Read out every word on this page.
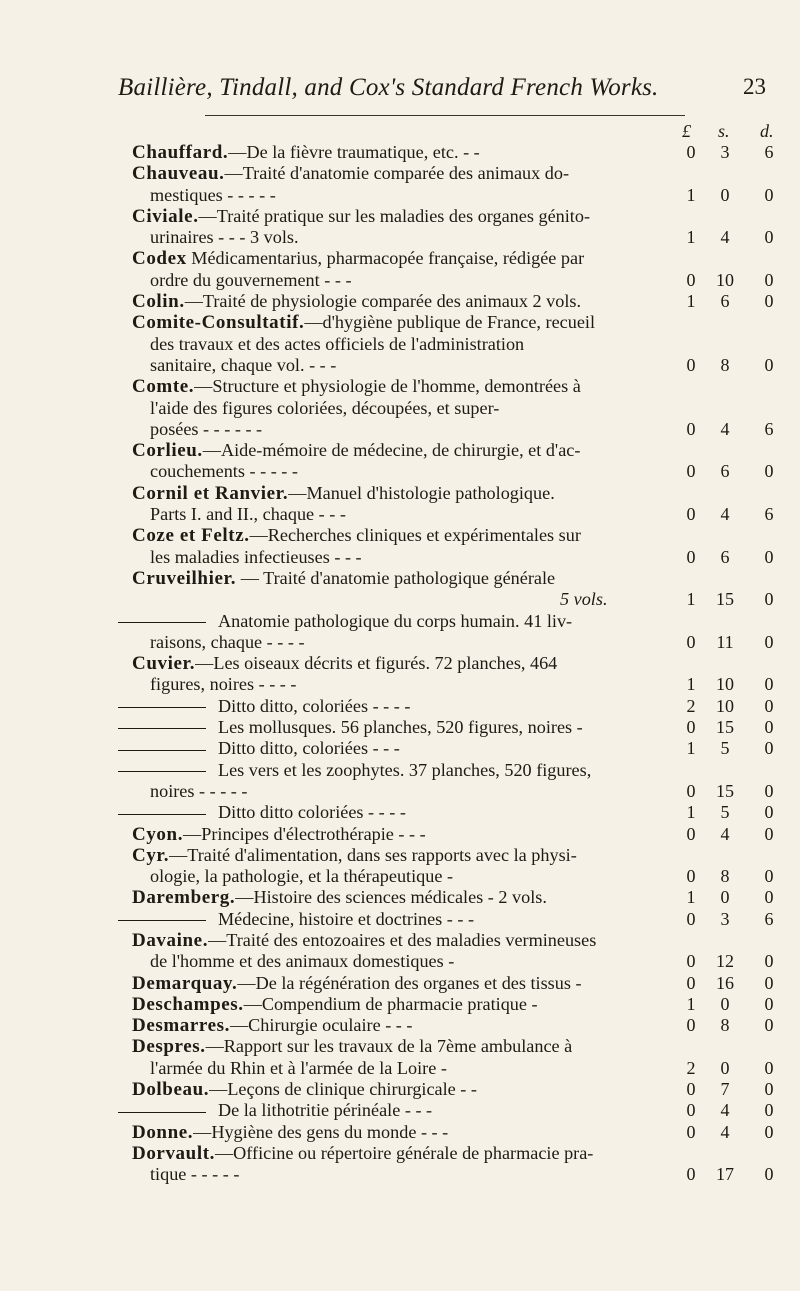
Baillière, Tindall, and Cox's Standard French Works.	23
£ s. d.
Chauffard.—De la fièvre traumatique, etc. - -	0	3	6
Chauveau.—Traité d'anatomie comparée des animaux do-
mestiques - - - - -	1	0	0
Civiale.—Traité pratique sur les maladies des organes génito-
urinaires - - - 3 vols.	1	4	0
Codex Médicamentarius, pharmacopée française, rédigée par
ordre du gouvernement - - -	0	10	0
Colin.—Traité de physiologie comparée des animaux 2 vols.	1	6	0
Comite-Consultatif.—d'hygiène publique de France, recueil
des travaux et des actes officiels de l'administration
sanitaire, chaque vol. - - -	0	8	0
Comte.—Structure et physiologie de l'homme, demontrées à
l'aide des figures coloriées, découpées, et super-
posées - - - - - -	0	4	6
Corlieu.—Aide-mémoire de médecine, de chirurgie, et d'ac-
couchements - - - - -	0	6	0
Cornil et Ranvier.—Manuel d'histologie pathologique.
Parts I. and II., chaque - - -	0	4	6
Coze et Feltz.—Recherches cliniques et expérimentales sur
les maladies infectieuses - - -	0	6	0
Cruveilhier. — Traité d'anatomie pathologique générale
5 vols.	1	15	0
Anatomie pathologique du corps humain. 41 liv-
raisons, chaque - - - -	0	11	0
Cuvier.—Les oiseaux décrits et figurés. 72 planches, 464
figures, noires - - - -	1	10	0
Ditto ditto, coloriées - - - -	2	10	0
Les mollusques. 56 planches, 520 figures, noires -	0	15	0
Ditto ditto, coloriées - - -	1	5	0
Les vers et les zoophytes. 37 planches, 520 figures,
noires - - - - -	0	15	0
Ditto ditto coloriées - - - -	1	5	0
Cyon.—Principes d'électrothérapie - - -	0	4	0
Cyr.—Traité d'alimentation, dans ses rapports avec la physi-
ologie, la pathologie, et la thérapeutique -	0	8	0
Daremberg.—Histoire des sciences médicales - 2 vols.	1	0	0
Médecine, histoire et doctrines - - -	0	3	6
Davaine.—Traité des entozoaires et des maladies vermineuses
de l'homme et des animaux domestiques -	0	12	0
Demarquay.—De la régénération des organes et des tissus -	0	16	0
Deschampes.—Compendium de pharmacie pratique -	1	0	0
Desmarres.—Chirurgie oculaire - - -	0	8	0
Despres.—Rapport sur les travaux de la 7ème ambulance à
l'armée du Rhin et à l'armée de la Loire -	2	0	0
Dolbeau.—Leçons de clinique chirurgicale - -	0	7	0
De la lithotritie périnéale - - -	0	4	0
Donne.—Hygiène des gens du monde - - -	0	4	0
Dorvault.—Officine ou répertoire générale de pharmacie pra-
tique - - - - -	0	17	0
